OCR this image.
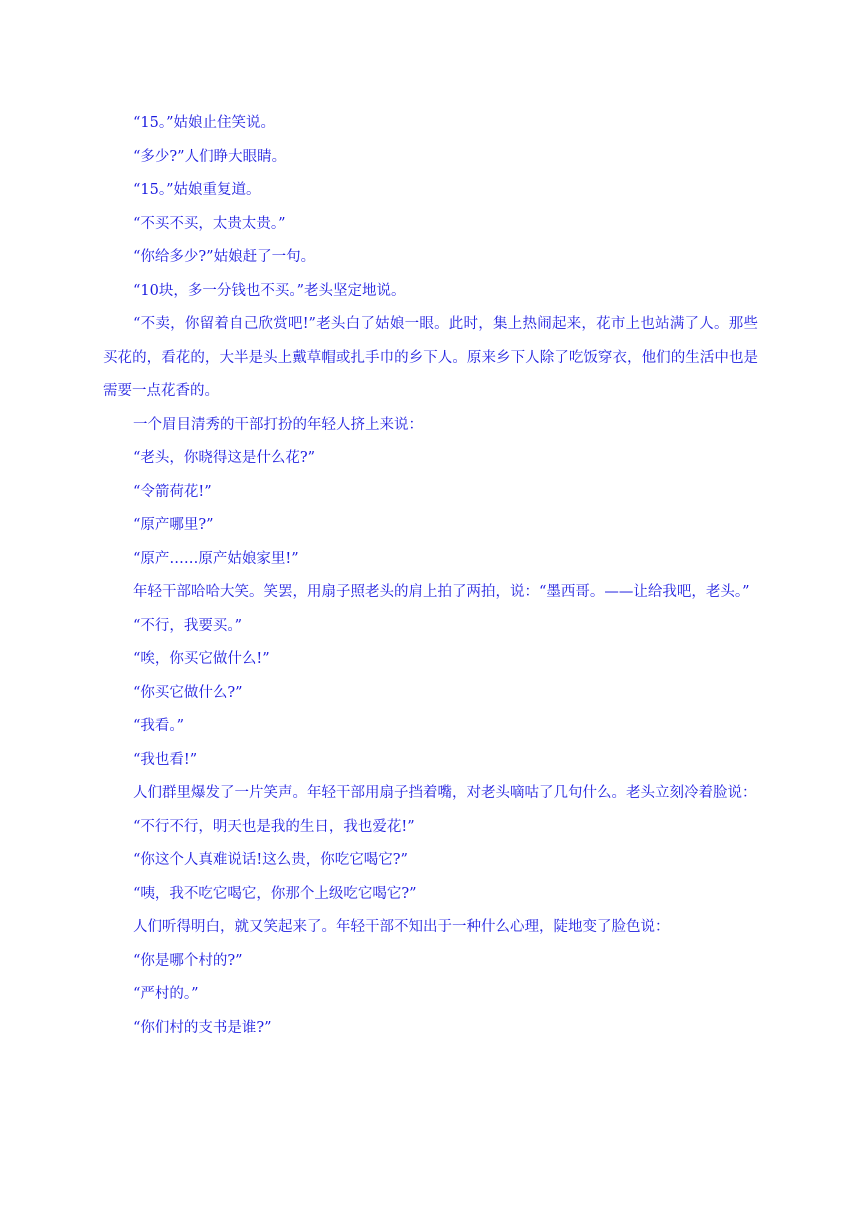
“15。”姑娘止住笑说。

“多少?”人们睁大眼睛。

“15。”姑娘重复道。

“不买不买，太贵太贵。”

“你给多少?”姑娘赶了一句。

“10块，多一分钱也不买。”老头坚定地说。

“不卖，你留着自己欣赏吧!”老头白了姑娘一眼。此时，集上热闹起来，花市上也站满了人。那些买花的，看花的，大半是头上戴草帽或扎手巾的乡下人。原来乡下人除了吃饭穿衣，他们的生活中也是需要一点花香的。

一个眉目清秀的干部打扮的年轻人挤上来说：

“老头，你晓得这是什么花?”

“令箭荷花!”

“原产哪里?”

“原产……原产姑娘家里!”

年轻干部哈哈大笑。笑罢，用扇子照老头的肩上拍了两拍，说：“墨西哥。——让给我吧，老头。”

“不行，我要买。”

“唉，你买它做什么!”

“你买它做什么?”

“我看。”

“我也看!”

人们群里爆发了一片笑声。年轻干部用扇子挡着嘴，对老头嘀咕了几句什么。老头立刻冷着脸说：

“不行不行，明天也是我的生日，我也爱花!”

“你这个人真难说话!这么贵，你吃它喝它?”

“咦，我不吃它喝它，你那个上级吃它喝它?”

人们听得明白，就又笑起来了。年轻干部不知出于一种什么心理，陡地变了脸色说：

“你是哪个村的?”

“严村的。”

“你们村的支书是谁?”
